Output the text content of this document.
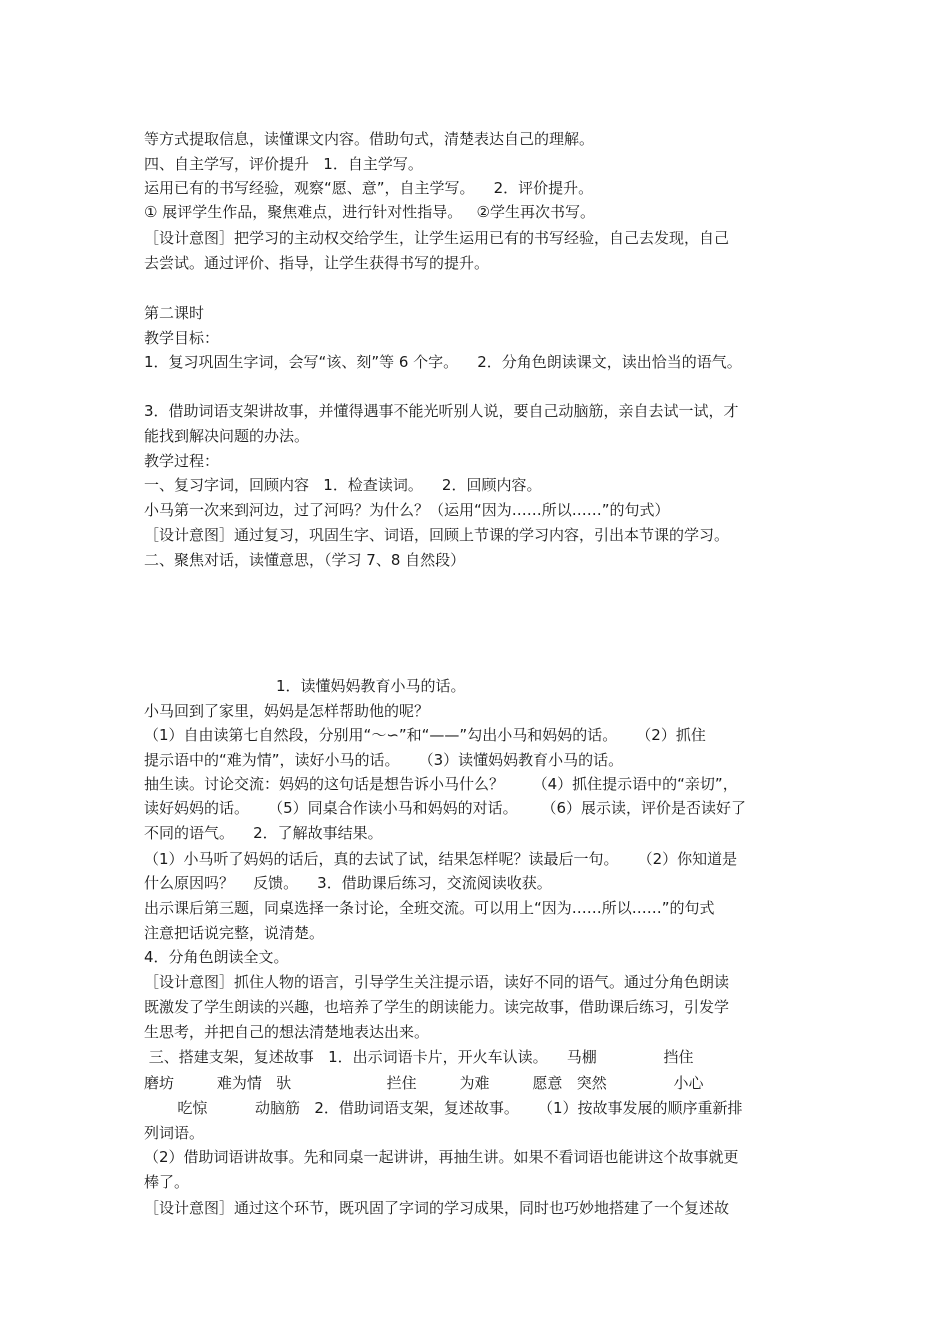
等方式提取信息，读懂课文内容。借助句式，清楚表达自己的理解。
四、自主学写，评价提升   1．自主学写。
运用已有的书写经验，观察“愿、意”，自主学写。    2．评价提升。
① 展评学生作品，聚焦难点，进行针对性指导。   ②学生再次书写。
［设计意图］把学习的主动权交给学生，让学生运用已有的书写经验，自己去发现，自己
去尝试。通过评价、指导，让学生获得书写的提升。
第二课时
教学目标：
1．复习巩固生字词，会写“该、刻”等 6 个字。    2．分角色朗读课文，读出恰当的语气。
3．借助词语支架讲故事，并懂得遇事不能光听别人说，要自己动脑筋，亲自去试一试，才
能找到解决问题的办法。
教学过程：
一、复习字词，回顾内容   1．检查读词。    2．回顾内容。
小马第一次来到河边，过了河吗？为什么？（运用“因为……所以……”的句式）
［设计意图］通过复习，巩固生字、词语，回顾上节课的学习内容，引出本节课的学习。
二、聚焦对话，读懂意思，（学习 7、8 自然段）
1．读懂妈妈教育小马的话。
小马回到了家里，妈妈是怎样帮助他的呢？
（1）自由读第七自然段，分别用“～∽”和“——”勾出小马和妈妈的话。    （2）抓住
提示语中的“难为情”，读好小马的话。    （3）读懂妈妈教育小马的话。
抽生读。讨论交流：妈妈的这句话是想告诉小马什么？      （4）抓住提示语中的“亲切”，
读好妈妈的话。    （5）同桌合作读小马和妈妈的对话。     （6）展示读，评价是否读好了
不同的语气。    2．了解故事结果。
（1）小马听了妈妈的话后，真的去试了试，结果怎样呢？读最后一句。    （2）你知道是
什么原因吗？    反馈。    3．借助课后练习，交流阅读收获。
出示课后第三题，同桌选择一条讨论，全班交流。可以用上“因为……所以……”的句式
注意把话说完整，说清楚。
4．分角色朗读全文。
［设计意图］抓住人物的语言，引导学生关注提示语，读好不同的语气。通过分角色朗读
既激发了学生朗读的兴趣，也培养了学生的朗读能力。读完故事，借助课后练习，引发学
生思考，并把自己的想法清楚地表达出来。
三、搭建支架，复述故事   1．出示词语卡片，开火车认读。    马棚              挡住
磨坊         难为情   驮                    拦住         为难         愿意   突然              小心
吃惊          动脑筋   2．借助词语支架，复述故事。    （1）按故事发展的顺序重新排
列词语。
（2）借助词语讲故事。先和同桌一起讲讲，再抽生讲。如果不看词语也能讲这个故事就更
棒了。
［设计意图］通过这个环节，既巩固了字词的学习成果，同时也巧妙地搭建了一个复述故
